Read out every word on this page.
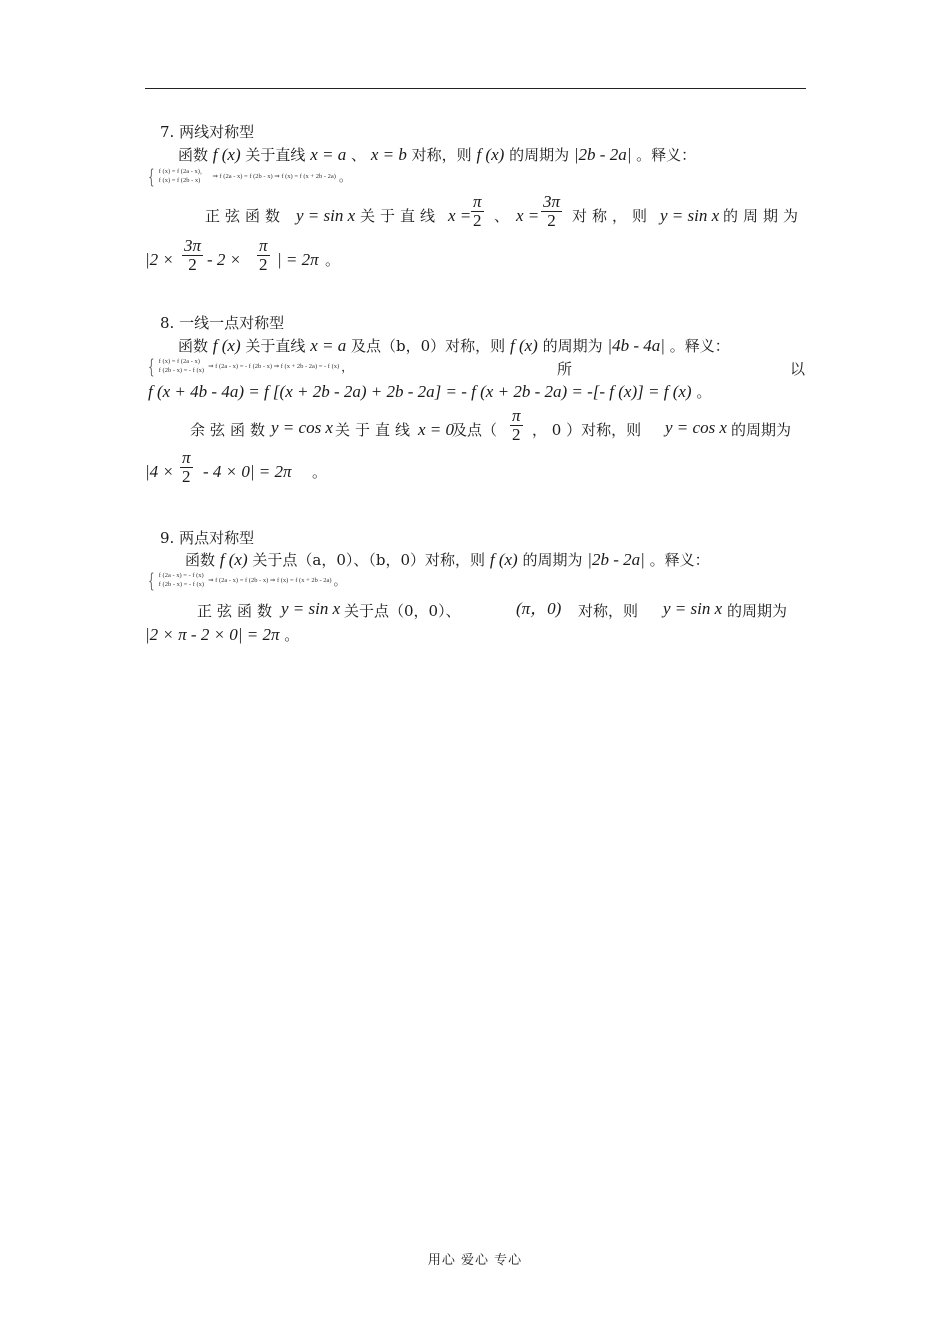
7. 两线对称型
函数 f (x) 关于直线 x = a 、 x = b 对称，则 f (x) 的周期为 |2b - 2a| 。释义：
{ f (x) = f (2a - x)，
f (x) = f (2b - x)
⇒ f (2a - x) = f (2b - x) ⇒ f (x) = f (x + 2b - 2a) 。
正弦函数 y = sin x 关于直线 x =
π
2 、 x =
3π
2 对称，则 y = sin x 的周期为
|2 ×
3π
2 - 2 ×
π
2 | = 2π 。
8. 一线一点对称型
函数 f (x) 关于直线 x = a 及点（b，0）对称，则 f (x) 的周期为 |4b - 4a| 。释义：
{ f (x) = f (2a - x)
f (2b - x) = - f (x)
⇒ f (2a - x) = - f (2b - x) ⇒ f (x + 2b - 2a) = - f (x) ，	所	以
f (x + 4b - 4a) = f [(x + 2b - 2a) + 2b - 2a] = - f (x + 2b - 2a) = -[- f (x)] = f (x) 。
余弦函数 y = cos x 关于直线 x = 0
及点（
π
2 ， 0 ）对称，则 y = cos x 的周期为
|4 ×
π
2 - 4 × 0| = 2π 。
9. 两点对称型
函数 f (x) 关于点（a，0）、（b，0）对称，则 f (x) 的周期为 |2b - 2a| 。释义：
{ f (2a - x) = - f (x)
f (2b - x) = - f (x)
⇒ f (2a - x) = f (2b - x) ⇒ f (x) = f (x + 2b - 2a) 。
正弦函数 y = sin x 关于点（0，0）、	(π，0) 对称，则 y = sin x 的周期为
|2 × π - 2 × 0| = 2π 。
用心 爱心 专心
